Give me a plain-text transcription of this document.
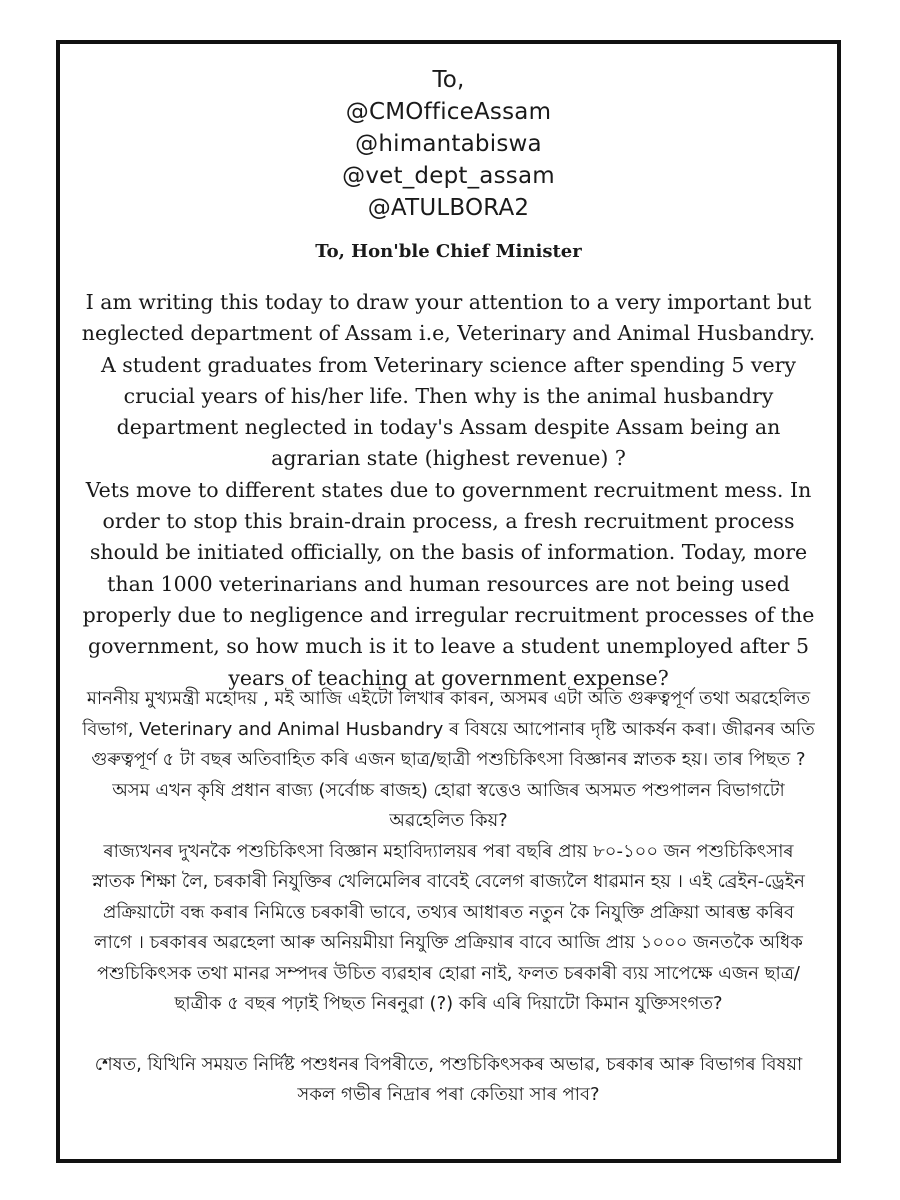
To,
@CMOfficeAssam
@himantabiswa
@vet_dept_assam
@ATULBORA2
To, Hon'ble Chief Minister

I am writing this today to draw your attention to a very important but neglected department of Assam i.e, Veterinary and Animal Husbandry. A student graduates from Veterinary science after spending 5 very crucial years of his/her life. Then why is the animal husbandry department neglected in today's Assam despite Assam being an agrarian state (highest revenue) ?

Vets move to different states due to government recruitment mess. In order to stop this brain-drain process, a fresh recruitment process should be initiated officially, on the basis of information. Today, more than 1000 veterinarians and human resources are not being used properly due to negligence and irregular recruitment processes of the government, so how much is it to leave a student unemployed after 5 years of teaching at government expense?

মাননীয় মুখ্যমন্ত্ৰী মহোদয় , মই আজি এইটো লিখাৰ কাৰন, অসমৰ এটা অতি গুৰুত্বপূৰ্ণ তথা অৱহেলিত বিভাগ, Veterinary and Animal Husbandry ৰ বিষয়ে আপোনাৰ দৃষ্টি আকৰ্ষন কৰা। জীৱনৰ অতি গুৰুত্বপূৰ্ণ ৫ টা বছৰ অতিবাহিত কৰি এজন ছাত্ৰ/ছাত্ৰী পশুচিকিৎসা বিজ্ঞানৰ স্নাতক হয়। তাৰ পিছত ? অসম এখন কৃষি প্ৰধান ৰাজ্য (সৰ্বোচ্চ ৰাজহ) হোৱা স্বত্তেও আজিৰ অসমত পশুপালন বিভাগটো অৱহেলিত কিয়?

ৰাজ্যখনৰ দুখনকৈ পশুচিকিৎসা বিজ্ঞান মহাবিদ্যালয়ৰ পৰা বছৰি প্ৰায় ৮০-১০০ জন পশুচিকিৎসাৰ স্নাতক শিক্ষা লৈ, চৰকাৰী নিযুক্তিৰ খেলিমেলিৰ বাবেই বেলেগ ৰাজ্যলৈ ধাৱমান হয় । এই ব্ৰেইন-ড্ৰেইন প্ৰক্ৰিয়াটো বন্ধ কৰাৰ নিমিত্তে চৰকাৰী ভাবে, তথ্যৰ আধাৰত নতুন কৈ নিযুক্তি প্ৰক্ৰিয়া আৰম্ভ কৰিব লাগে । চৰকাৰৰ অৱহেলা আৰু অনিয়মীয়া নিযুক্তি প্ৰক্ৰিয়াৰ বাবে আজি প্ৰায় ১০০০ জনতকৈ অধিক পশুচিকিৎসক তথা মানৱ সম্পদৰ উচিত ব্যৱহাৰ হোৱা নাই, ফলত চৰকাৰী ব্যয় সাপেক্ষে এজন ছাত্ৰ/ছাত্ৰীক ৫ বছৰ পঢ়াই পিছত নিৰনুৱা (?) কৰি এৰি দিয়াটো কিমান যুক্তিসংগত?

শেষত, যিখিনি সময়ত নিৰ্দিষ্ট পশুধনৰ বিপৰীতে, পশুচিকিৎসকৰ অভাৱ, চৰকাৰ আৰু বিভাগৰ বিষয়া সকল গভীৰ নিদ্ৰাৰ পৰা কেতিয়া সাৰ পাব?
